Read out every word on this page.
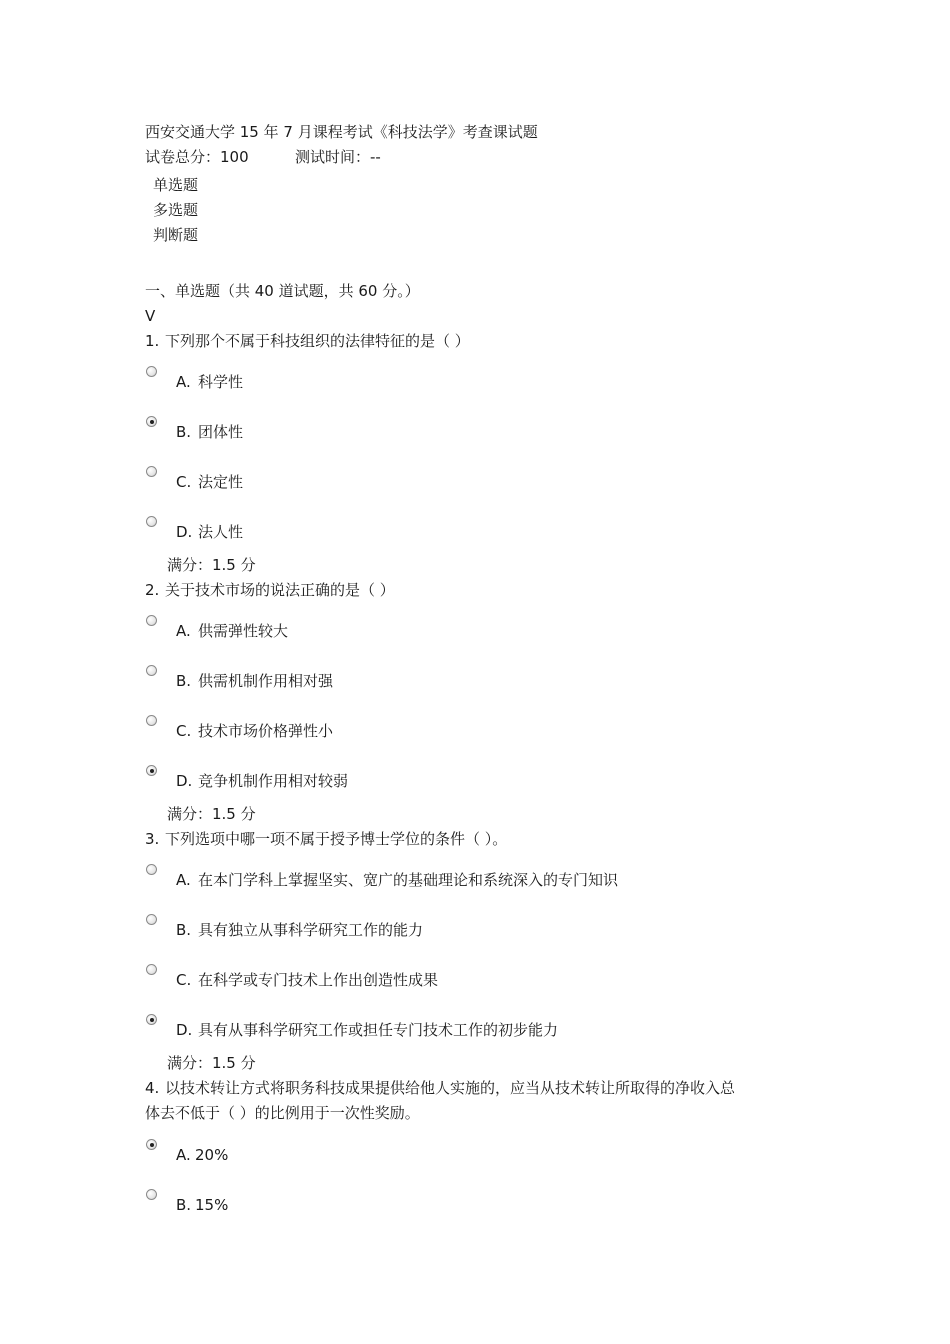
西安交通大学 15 年 7 月课程考试《科技法学》考查课试题
试卷总分：100	测试时间：--
单选题
多选题
判断题
一、单选题（共 40 道试题，共 60 分。）
V
1. 下列那个不属于科技组织的法律特征的是（ ）
A. 科学性
B. 团体性
C. 法定性
D. 法人性
满分：1.5 分
2. 关于技术市场的说法正确的是（ ）
A. 供需弹性较大
B. 供需机制作用相对强
C. 技术市场价格弹性小
D. 竞争机制作用相对较弱
满分：1.5 分
3. 下列选项中哪一项不属于授予博士学位的条件（ ）。
A. 在本门学科上掌握坚实、宽广的基础理论和系统深入的专门知识
B. 具有独立从事科学研究工作的能力
C. 在科学或专门技术上作出创造性成果
D. 具有从事科学研究工作或担任专门技术工作的初步能力
满分：1.5 分
4. 以技术转让方式将职务科技成果提供给他人实施的，应当从技术转让所取得的净收入总
体去不低于（ ）的比例用于一次性奖励。
A. 20%
B. 15%
